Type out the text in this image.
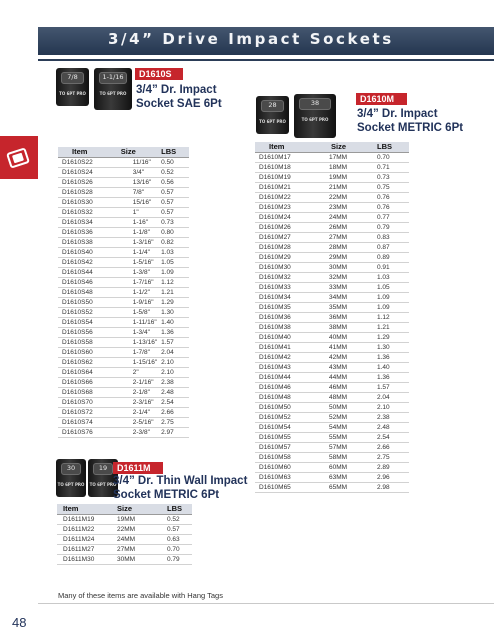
3/4” Drive Impact Sockets
7/8
TO 6PT PRO
1-1/16
TO 6PT PRO
D1610S
3/4” Dr. Impact
Socket SAE 6Pt
Item	Size	LBS
D1610S22	11/16"	0.50
D1610S24	3/4"	0.52
D1610S26	13/16"	0.56
D1610S28	7/8"	0.57
D1610S30	15/16"	0.57
D1610S32	1"	0.57
D1610S34	1-16"	0.73
D1610S36	1-1/8"	0.80
D1610S38	1-3/16"	0.82
D1610S40	1-1/4"	1.03
D1610S42	1-5/16"	1.05
D1610S44	1-3/8"	1.09
D1610S46	1-7/16"	1.12
D1610S48	1-1/2"	1.21
D1610S50	1-9/16"	1.29
D1610S52	1-5/8"	1.30
D1610S54	1-11/16"	1.40
D1610S56	1-3/4"	1.36
D1610S58	1-13/16"	1.57
D1610S60	1-7/8"	2.04
D1610S62	1-15/16"	2.10
D1610S64	2"	2.10
D1610S66	2-1/16"	2.38
D1610S68	2-1/8"	2.48
D1610S70	2-3/16"	2.54
D1610S72	2-1/4"	2.66
D1610S74	2-5/16"	2.75
D1610S76	2-3/8"	2.97
28
TO 6PT PRO
38
TO 6PT PRO
D1610M
3/4” Dr. Impact
Socket METRIC 6Pt
Item	Size	LBS
D1610M17	17MM	0.70
D1610M18	18MM	0.71
D1610M19	19MM	0.73
D1610M21	21MM	0.75
D1610M22	22MM	0.76
D1610M23	23MM	0.76
D1610M24	24MM	0.77
D1610M26	26MM	0.79
D1610M27	27MM	0.83
D1610M28	28MM	0.87
D1610M29	29MM	0.89
D1610M30	30MM	0.91
D1610M32	32MM	1.03
D1610M33	33MM	1.05
D1610M34	34MM	1.09
D1610M35	35MM	1.09
D1610M36	36MM	1.12
D1610M38	38MM	1.21
D1610M40	40MM	1.29
D1610M41	41MM	1.30
D1610M42	42MM	1.36
D1610M43	43MM	1.40
D1610M44	44MM	1.36
D1610M46	46MM	1.57
D1610M48	48MM	2.04
D1610M50	50MM	2.10
D1610M52	52MM	2.38
D1610M54	54MM	2.48
D1610M55	55MM	2.54
D1610M57	57MM	2.66
D1610M58	58MM	2.75
D1610M60	60MM	2.89
D1610M63	63MM	2.96
D1610M65	65MM	2.98
30
TO 6PT PRO
19
TO 6PT PRO
D1611M
3/4” Dr. Thin Wall Impact
Socket METRIC 6Pt
Item	Size	LBS
D1611M19	19MM	0.52
D1611M22	22MM	0.57
D1611M24	24MM	0.63
D1611M27	27MM	0.70
D1611M30	30MM	0.79
Many of these items are available with Hang Tags
48
